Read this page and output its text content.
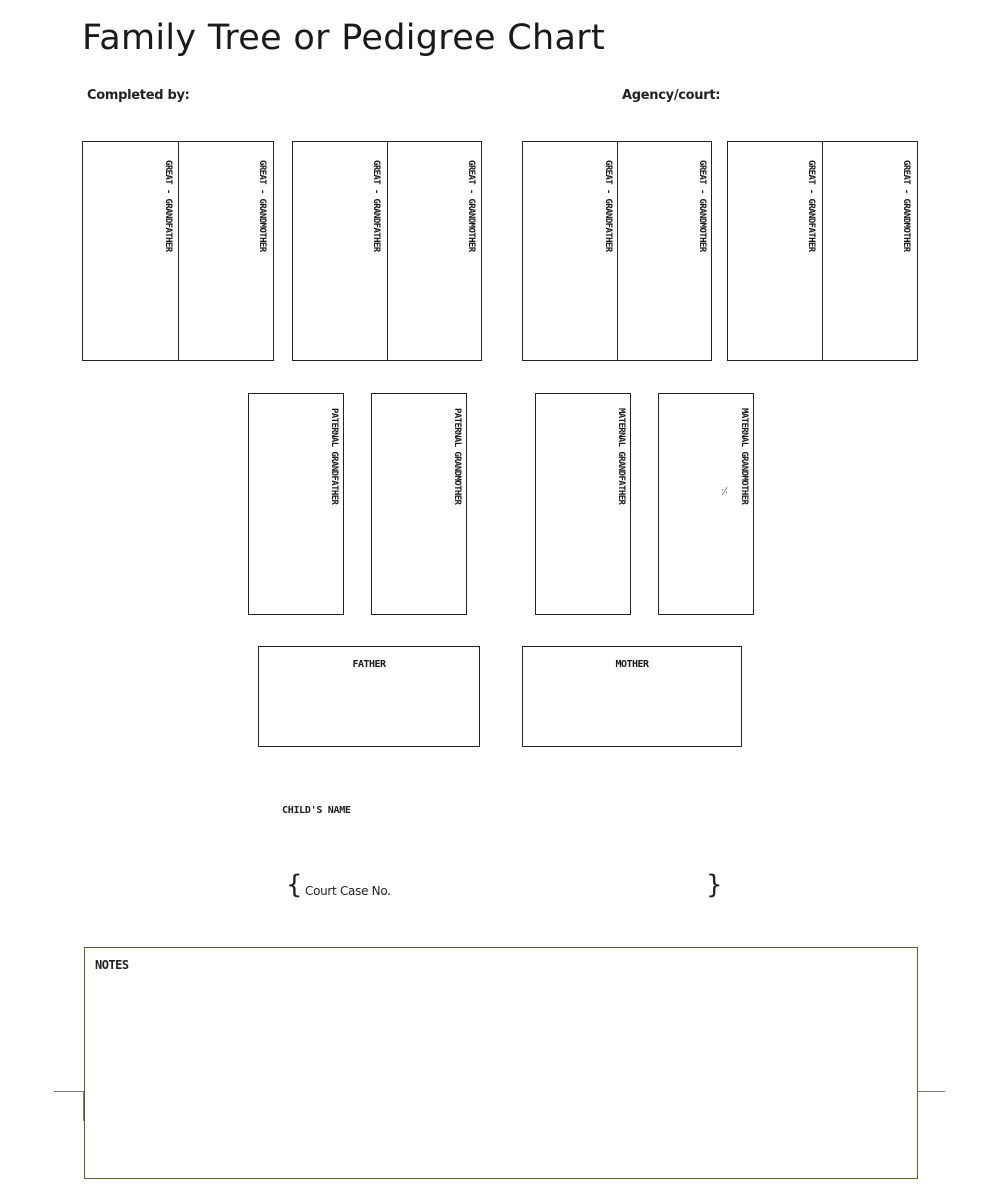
Family Tree or Pedigree Chart
Completed by:	Agency/court:
GREAT - GRANDFATHER	GREAT - GRANDMOTHER	GREAT - GRANDFATHER	GREAT - GRANDMOTHER	GREAT - GRANDFATHER	GREAT - GRANDMOTHER	GREAT - GRANDFATHER	GREAT - GRANDMOTHER
PATERNAL GRANDFATHER	PATERNAL GRANDMOTHER	MATERNAL GRANDFATHER	MATERNAL GRANDMOTHER
⸓
FATHER	MOTHER
CHILD'S NAME
{ Court Case No.	}
NOTES
